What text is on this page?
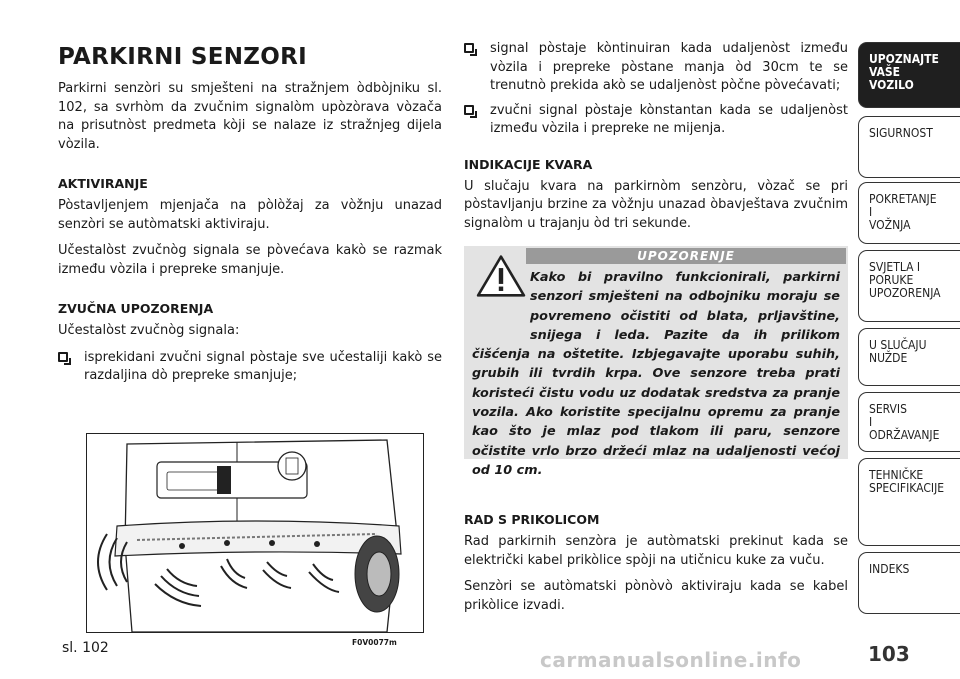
PARKIRNI SENZORI

Parkirni senzòri su smješteni na stražnjem òdbòjniku sl. 102, sa svrhòm da zvučnim signalòm upòzòrava vòzača na prisutnòst predmeta kòji se nalaze iz stražnjeg dijela vòzila.

AKTIVIRANJE

Pòstavljenjem mjenjača na pòlòžaj za vòžnju unazad senzòri se autòmatski aktiviraju.

Učestalòst zvučnòg signala se pòvećava kakò se razmak između vòzila i prepreke smanjuje.

ZVUČNA UPOZORENJA

Učestalòst zvučnòg signala:

isprekidani zvučni signal pòstaje sve učestaliji kakò se razdaljina dò prepreke smanjuje;
signal pòstaje kòntinuiran kada udaljenòst između vòzila i prepreke pòstane manja òd 30cm te se trenutnò prekida akò se udaljenòst pòčne pòvećavati;
zvučni signal pòstaje kònstantan kada se udaljenòst između vòzila i prepreke ne mijenja.
INDIKACIJE KVARA

U slučaju kvara na parkirnòm senzòru, vòzač se pri pòstavljanju brzine za vòžnju unazad òbavještava zvučnim signalòm u trajanju òd tri sekunde.

UPOZORENJE
Kako bi pravilno funkcionirali, parkirni senzori smješteni na odbojniku moraju se povremeno očistiti od blata, prljavštine, snijega i leda. Pazite da ih prilikom čišćenja na oštetite. Izbjegavajte uporabu suhih, grubih ili tvrdih krpa. Ove senzore treba prati koristeći čistu vodu uz dodatak sredstva za pranje vozila. Ako koristite specijalnu opremu za pranje kao što je mlaz pod tlakom ili paru, senzore očistite vrlo brzo držeći mlaz na udaljenosti većoj od 10 cm.
RAD S PRIKOLICOM

Rad parkirnih senzòra je autòmatski prekinut kada se električki kabel prikòlice spòji na utičnicu kuke za vuču.

Senzòri se autòmatski pònòvò aktiviraju kada se kabel prikòlice izvadi.

sl. 102	F0V0077m
UPOZNAJTE
VAŠE
VOZILO
SIGURNOST
POKRETANJE
I
VOŽNJA
SVJETLA I
PORUKE
UPOZORENJA
U SLUČAJU
NUŽDE
SERVIS
I
ODRŽAVANJE
TEHNIČKE
SPECIFIKACIJE
INDEKS
carmanualsonline.info	103
